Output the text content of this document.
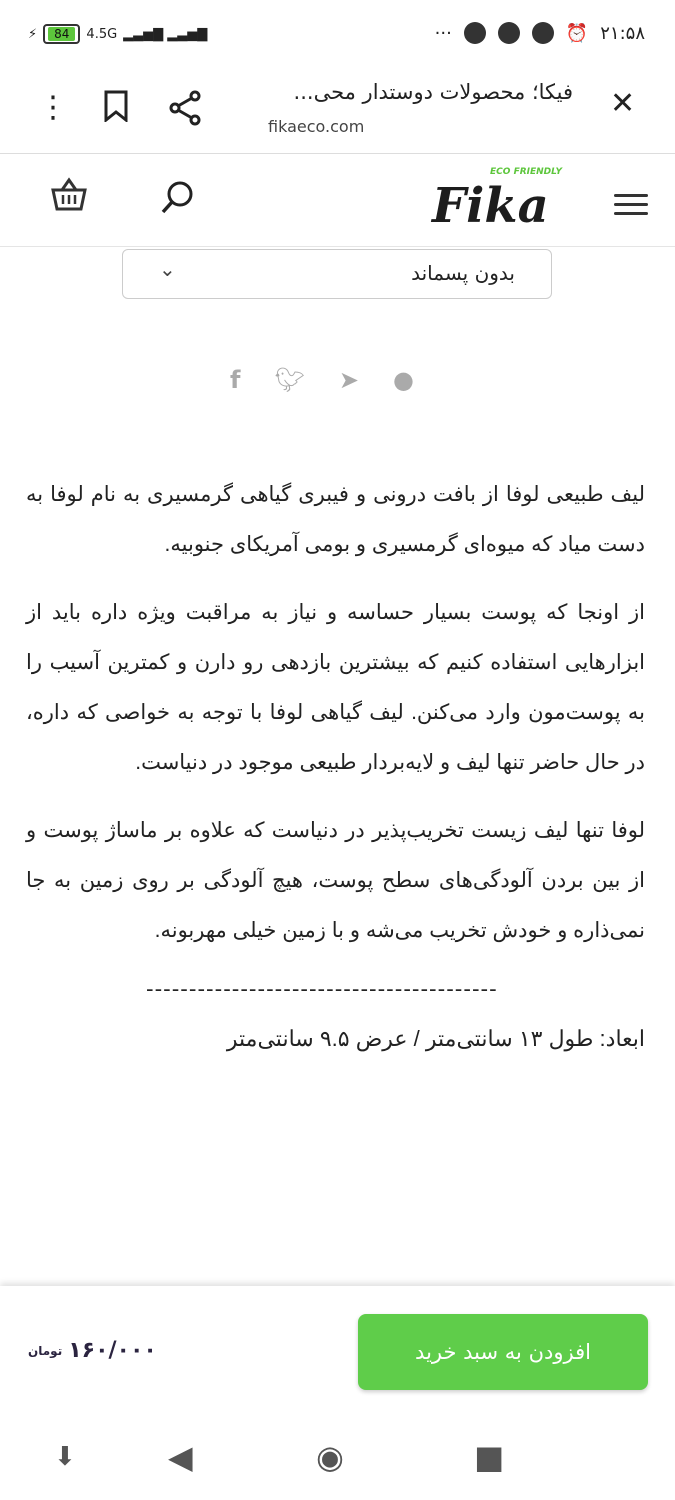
⚡	84	4.5G ▂▃▅▇ ▂▃▅▇	···	⏰ ۲۱:۵۸
⋮	فیکا؛ محصولات دوستدار محی...
fikaeco.com
✕
ECO FRIENDLY
Fika
بدون پسماند
⌄
f 🐦︎ ➤ ●

لیف طبیعی لوفا از بافت درونی و فیبری گیاهی گرمسیری به نام لوفا به دست میاد که میوه‌ای گرمسیری و بومی آمریکای جنوبیه.

از اونجا که پوست بسیار حساسه و نیاز به مراقبت ویژه داره باید از ابزارهایی استفاده کنیم که بیشترین بازدهی رو دارن و کمترین آسیب را به پوست‌مون وارد می‌کنن. لیف گیاهی لوفا با توجه به خواصی که داره، در حال حاضر تنها لیف و لایه‌بردار طبیعی موجود در دنیاست.

لوفا تنها لیف زیست تخریب‌پذیر در دنیاست که علاوه بر ماساژ پوست و از بین بردن آلودگی‌های سطح پوست، هیچ آلودگی بر روی زمین به جا نمی‌ذاره و خودش تخریب می‌شه و با زمین خیلی مهربونه.

-----------------------------------------
ابعاد: طول ۱۳ سانتی‌متر / عرض ۹.۵ سانتی‌متر
افزودن به سبد خرید
تومان ۱۶۰/۰۰۰
⬇	◀	◉	■
